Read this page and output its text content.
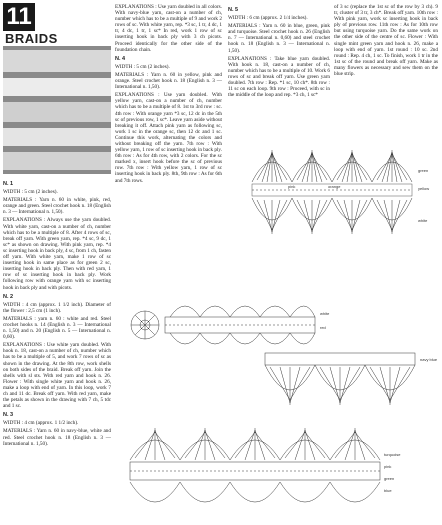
11
BRAIDS

N. 1

WIDTH : 5 cm (2 inches).

MATERIALS : Yarn n. 60 in white, pink, red, orange and green. Steel crochet hook n. 18 (English n. 3 — International n. 1,50).

EXPLANATIONS : Always use the yarn doubled. With white yarn, cast-on a number of ch, number which has to be a multiple of 8. After 4 rows of sc, break off yarn. With green yarn, rep. *4 sc, 9 dc, 1 sc* as shown on drawing. With pink yarn, rep. *4 sc inserting hook in back ply, 4 sc, from 1 ch, fasten off yarn. With white yarn, make 1 row of sc inserting hook in same place as for green 2 sc, inserting hook in back ply. Then with red yarn, 1 row of sc inserting hook in back ply. Work following row with orange yarn with sc inserting hook in back ply and with picots.

N. 2

WIDTH : 4 cm (approx. 1 1/2 inch). Diameter of the flower : 2,5 cm (1 inch).

MATERIALS : yarn n. 60 : white and red. Steel crochet hooks n. 14 (English n. 3 — International n. 1,50) and n. 20 (English n. 5 — International n. 0,60).

EXPLANATIONS : Use white yarn doubled. With hook n. 18, cast-on a number of ch, number which has to be a multiple of 5, and work 7 rows of sc as shown in the drawing. At the 8th row, work shells on both sides of the braid. Break off yarn. Join the shells with sl sts. With red yarn and hook n. 26. Flower : With single white yarn and hook n. 26, make a loop with end of yarn. In this loop, work 7 ch and 11 dc. Break off yarn. With red yarn, make the petals as shown in the drawing with 7 ch, 5 tdc and 1 sc.

N. 3

WIDTH : 4 cm (approx. 1 1/2 inch).

MATERIALS : Yarn n. 60 in navy-blue, white and red. Steel crochet hook n. 18 (English n. 3 — International n. 1,50).

EXPLANATIONS : Use yarn doubled in all colors. With navy-blue yarn, cast-on a number of ch, number which has to be a multiple of 9 and work 2 rows of sc. With white yarn, rep. *3 sc, 1 tr, 4 dc, 1 tr, 4 dc, 1 tr, 1 sc* In red, work 1 row of sc inserting hook in back ply with 3 ch picots. Proceed identically for the other side of the foundation chain.

N. 4

WIDTH : 5 cm (2 inches).

MATERIALS : Yarn n. 60 in yellow, pink and orange. Steel crochet hook n. 18 (English n. 3 — International n. 1,50).

EXPLANATIONS : Use yarn doubled. With yellow yarn, cast-on a number of ch, number which has to be a multiple of 8. 1st to 3rd row : sc. 4th row : With orange yarn *3 sc, 12 dc in the 5th sc of previous row, 1 sc*. Leave yarn aside without breaking it off. Attach pink yarn as following sc, work 1 sc in the orange sc, then 12 dc and 1 sc. Continue this work, alternating the colors and without breaking off the yarn. 7th row : With yellow yarn, 1 row of sc inserting hook in back ply. 6th row : As for 4th row, with 2 colors. For the sc marked x, insert hook before the sc of previous row. 7th row : With yellow yarn, 1 row of sc inserting hook in back ply. 8th, 9th row : As for 6th and 7th rows.

N. 5

WIDTH : 6 cm (approx. 2 1/4 inches).

MATERIALS : Yarn n. 60 in blue, green, pink and turquoise. Steel crochet hook n. 26 (English n. 7 — International n. 0,60) and steel crochet hook n. 18 (English n. 3 — International n. 1,50).

EXPLANATIONS : Take blue yarn doubled. With hook n. 18, cast-on a number of ch, number which has to be a multiple of 10. Work 6 rows of sc and break off yarn. Use green yarn doubled. 7th row : Rep. *1 sc, 10 ch*. 8th row : 11 sc on each loop. 9th row : Proceed, with sc in the middle of the loop and rep. *3 ch, 1 sc*

of 3 sc (replace the 1st sc of the row by 3 ch). 9 tr, cluster of 3 tr, 3 ch*. Break off yarn. 10th row : With pink yarn, work sc inserting hook in back ply of previous row. 11th row : As for 10th row but using turquoise yarn. Do the same work on the other side of the centre of sc. Flower : With single mint green yarn and hook n. 26, make a loop with end of yarn. 1st round : 10 sc. 2nd round : Rep. 4 ch, 1 sc. To finish, work 1 tr in the 1st sc of the round and break off yarn. Make as many flowers as necessary and sew them on the blue strip.

green
yellow
pink	orange
white
white
red
navy blue
turquoise
pink
green
blue
